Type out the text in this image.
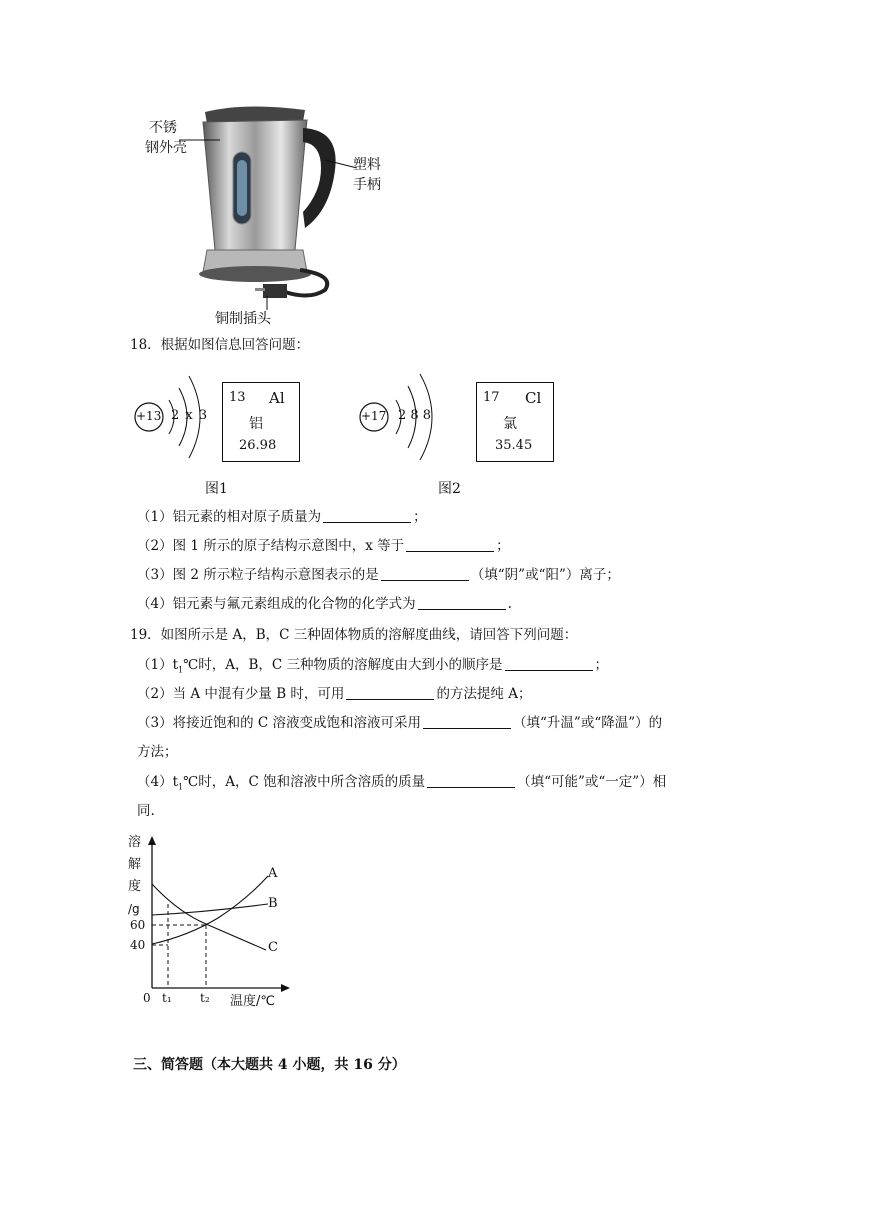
不锈
钢外壳
塑料
手柄
铜制插头
18．根据如图信息回答问题：
+13 2 x 3
13 Al
铝
26.98
图1
+17 2 8 8
17 Cl
氯
35.45
图2
（1）铝元素的相对原子质量为	；
（2）图 1 所示的原子结构示意图中，x 等于	；
（3）图 2 所示粒子结构示意图表示的是	（填“阴”或“阳”）离子；
（4）铝元素与氟元素组成的化合物的化学式为	.
19．如图所示是 A，B，C 三种固体物质的溶解度曲线，请回答下列问题：
$(1)t_1℃$时，A，B，C 三种物质的溶解度由大到小的顺序是	；
（2）当 A 中混有少量 B 时，可用	的方法提纯 A；
（3）将接近饱和的 C 溶液变成饱和溶液可采用	（填“升温”或“降温”）的
方法；
$(4)t_1℃$时，A，C 饱和溶液中所含溶质的质量	（填“可能”或“一定”）相
同.
溶
解
度
/g
60
40
A
B
C
0 t₁ t₂ 温度/℃
三、简答题（本大题共 4 小题，共 16 分）
